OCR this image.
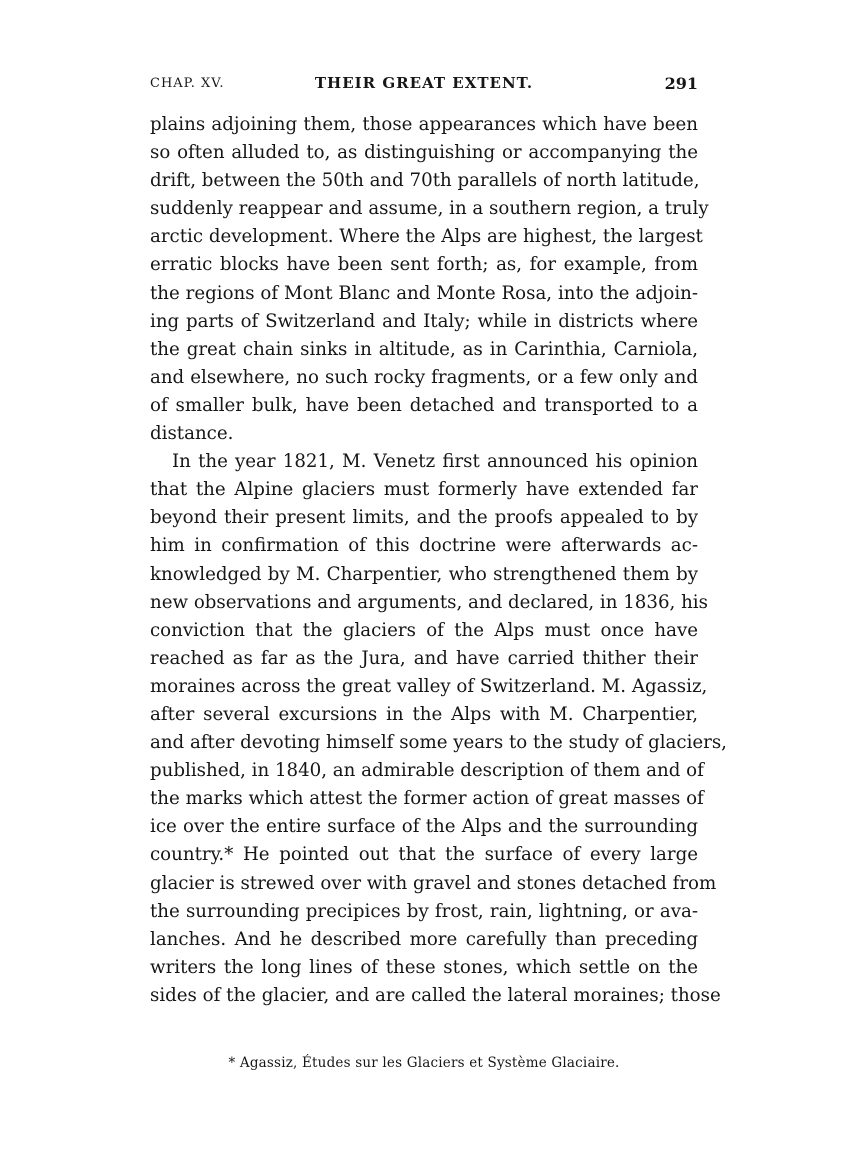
CHAP. XV.	THEIR GREAT EXTENT.	291
plains adjoining them, those appearances which have been
so often alluded to, as distinguishing or accompanying the
drift, between the 50th and 70th parallels of north latitude,
suddenly reappear and assume, in a southern region, a truly
arctic development. Where the Alps are highest, the largest
erratic blocks have been sent forth; as, for example, from
the regions of Mont Blanc and Monte Rosa, into the adjoin-
ing parts of Switzerland and Italy; while in districts where
the great chain sinks in altitude, as in Carinthia, Carniola,
and elsewhere, no such rocky fragments, or a few only and
of smaller bulk, have been detached and transported to a
distance.
In the year 1821, M. Venetz first announced his opinion
that the Alpine glaciers must formerly have extended far
beyond their present limits, and the proofs appealed to by
him in confirmation of this doctrine were afterwards ac-
knowledged by M. Charpentier, who strengthened them by
new observations and arguments, and declared, in 1836, his
conviction that the glaciers of the Alps must once have
reached as far as the Jura, and have carried thither their
moraines across the great valley of Switzerland. M. Agassiz,
after several excursions in the Alps with M. Charpentier,
and after devoting himself some years to the study of glaciers,
published, in 1840, an admirable description of them and of
the marks which attest the former action of great masses of
ice over the entire surface of the Alps and the surrounding
country.* He pointed out that the surface of every large
glacier is strewed over with gravel and stones detached from
the surrounding precipices by frost, rain, lightning, or ava-
lanches. And he described more carefully than preceding
writers the long lines of these stones, which settle on the
sides of the glacier, and are called the lateral moraines; those
* Agassiz, Études sur les Glaciers et Système Glaciaire.
